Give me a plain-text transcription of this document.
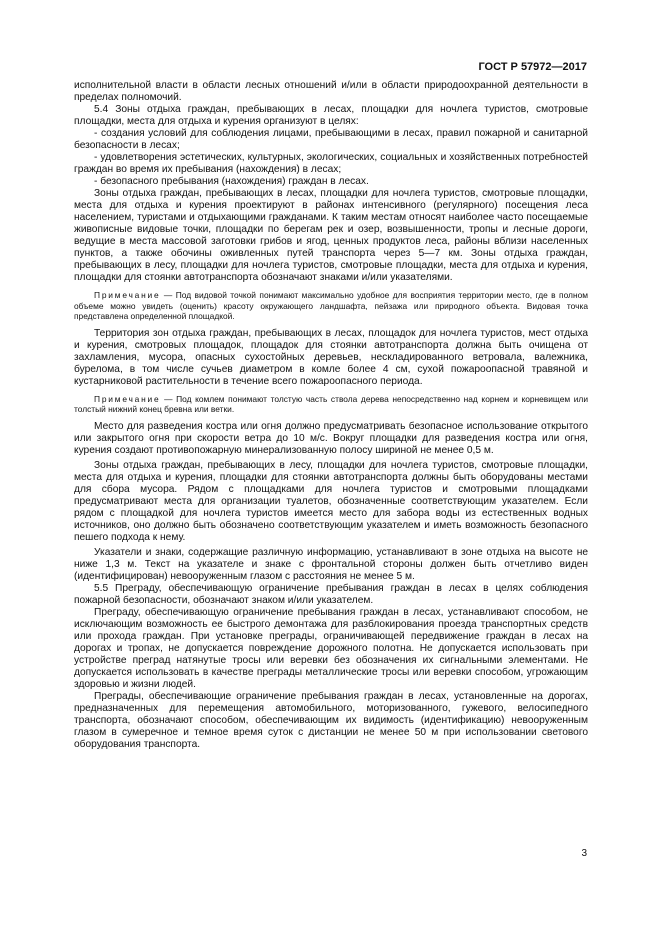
ГОСТ Р 57972—2017

исполнительной власти в области лесных отношений и/или в области природоохранной деятельности в пределах полномочий.

5.4 Зоны отдыха граждан, пребывающих в лесах, площадки для ночлега туристов, смотровые площадки, места для отдыха и курения организуют в целях:

- создания условий для соблюдения лицами, пребывающими в лесах, правил пожарной и санитарной безопасности в лесах;

- удовлетворения эстетических, культурных, экологических, социальных и хозяйственных потребностей граждан во время их пребывания (нахождения) в лесах;

- безопасного пребывания (нахождения) граждан в лесах.

Зоны отдыха граждан, пребывающих в лесах, площадки для ночлега туристов, смотровые площадки, места для отдыха и курения проектируют в районах интенсивного (регулярного) посещения леса населением, туристами и отдыхающими гражданами. К таким местам относят наиболее часто посещаемые живописные видовые точки, площадки по берегам рек и озер, возвышенности, тропы и лесные дороги, ведущие в места массовой заготовки грибов и ягод, ценных продуктов леса, районы вблизи населенных пунктов, а также обочины оживленных путей транспорта через 5—7 км. Зоны отдыха граждан, пребывающих в лесу, площадки для ночлега туристов, смотровые площадки, места для отдыха и курения, площадки для стоянки автотранспорта обозначают знаками и/или указателями.

Примечание — Под видовой точкой понимают максимально удобное для восприятия территории место, где в полном объеме можно увидеть (оценить) красоту окружающего ландшафта, пейзажа или природного объекта. Видовая точка представлена определенной площадкой.

Территория зон отдыха граждан, пребывающих в лесах, площадок для ночлега туристов, мест отдыха и курения, смотровых площадок, площадок для стоянки автотранспорта должна быть очищена от захламления, мусора, опасных сухостойных деревьев, нескладированного ветровала, валежника, бурелома, в том числе сучьев диаметром в комле более 4 см, сухой пожароопасной травяной и кустарниковой растительности в течение всего пожароопасного периода.

Примечание — Под комлем понимают толстую часть ствола дерева непосредственно над корнем и корневищем или толстый нижний конец бревна или ветки.

Место для разведения костра или огня должно предусматривать безопасное использование открытого или закрытого огня при скорости ветра до 10 м/с. Вокруг площадки для разведения костра или огня, курения создают противопожарную минерализованную полосу шириной не менее 0,5 м.

Зоны отдыха граждан, пребывающих в лесу, площадки для ночлега туристов, смотровые площадки, места для отдыха и курения, площадки для стоянки автотранспорта должны быть оборудованы местами для сбора мусора. Рядом с площадками для ночлега туристов и смотровыми площадками предусматривают места для организации туалетов, обозначенные соответствующим указателем. Если рядом с площадкой для ночлега туристов имеется место для забора воды из естественных водных источников, оно должно быть обозначено соответствующим указателем и иметь возможность безопасного пешего подхода к нему.

Указатели и знаки, содержащие различную информацию, устанавливают в зоне отдыха на высоте не ниже 1,3 м. Текст на указателе и знаке с фронтальной стороны должен быть отчетливо виден (идентифицирован) невооруженным глазом с расстояния не менее 5 м.

5.5 Преграду, обеспечивающую ограничение пребывания граждан в лесах в целях соблюдения пожарной безопасности, обозначают знаком и/или указателем.

Преграду, обеспечивающую ограничение пребывания граждан в лесах, устанавливают способом, не исключающим возможность ее быстрого демонтажа для разблокирования проезда транспортных средств или прохода граждан. При установке преграды, ограничивающей передвижение граждан в лесах на дорогах и тропах, не допускается повреждение дорожного полотна. Не допускается использовать при устройстве преград натянутые тросы или веревки без обозначения их сигнальными элементами. Не допускается использовать в качестве преграды металлические тросы или веревки способом, угрожающим здоровью и жизни людей.

Преграды, обеспечивающие ограничение пребывания граждан в лесах, установленные на дорогах, предназначенных для перемещения автомобильного, моторизованного, гужевого, велосипедного транспорта, обозначают способом, обеспечивающим их видимость (идентификацию) невооруженным глазом в сумеречное и темное время суток с дистанции не менее 50 м при использовании светового оборудования транспорта.

3
